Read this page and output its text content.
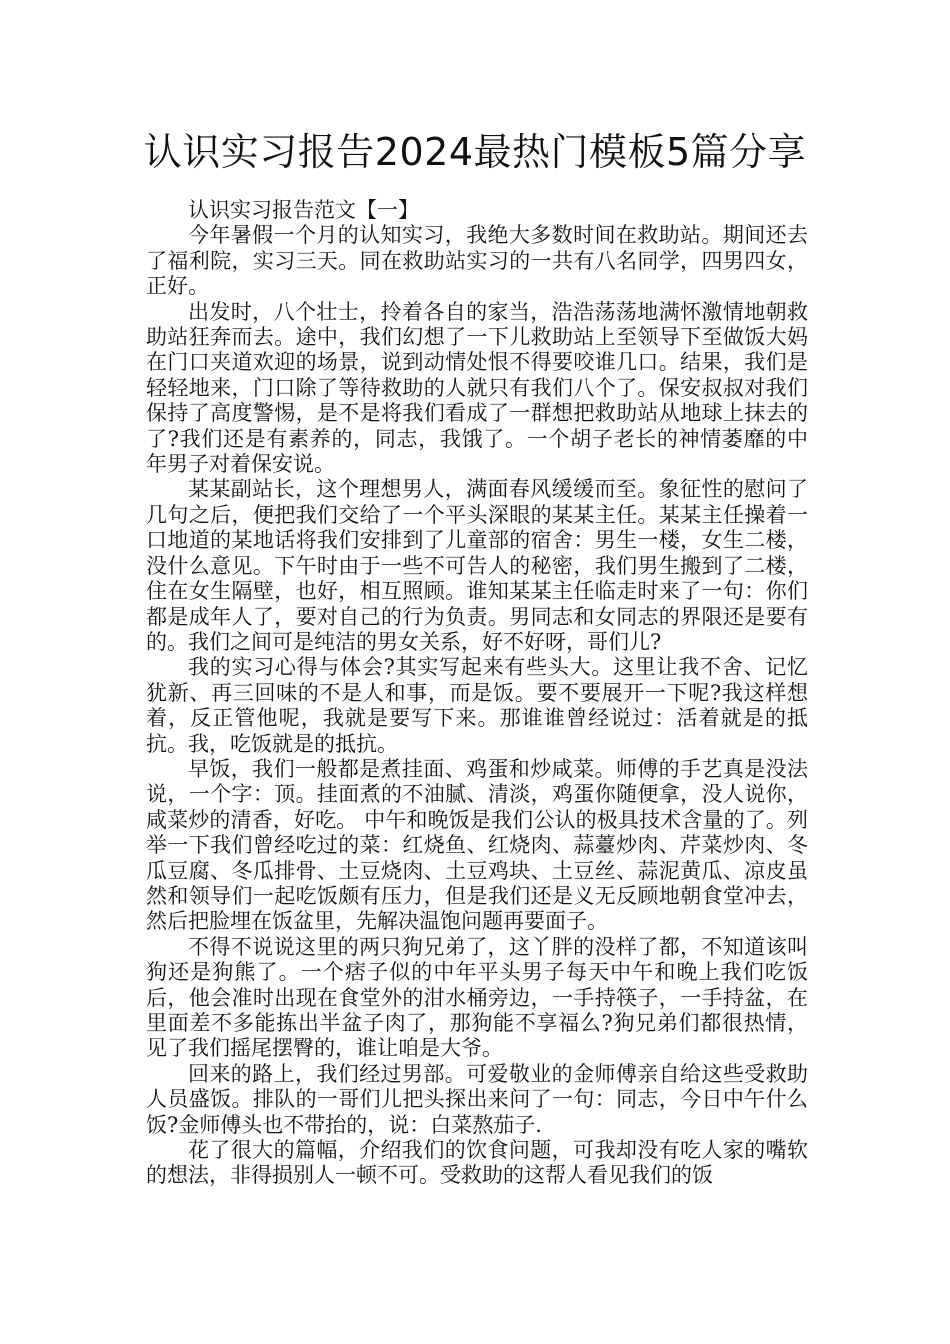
认识实习报告2024最热门模板5篇分享

认识实习报告范文【一】

今年暑假一个月的认知实习，我绝大多数时间在救助站。期间还去了福利院，实习三天。同在救助站实习的一共有八名同学，四男四女，正好。

出发时，八个壮士，拎着各自的家当，浩浩荡荡地满怀激情地朝救助站狂奔而去。途中，我们幻想了一下儿救助站上至领导下至做饭大妈在门口夹道欢迎的场景，说到动情处恨不得要咬谁几口。结果，我们是轻轻地来，门口除了等待救助的人就只有我们八个了。保安叔叔对我们保持了高度警惕，是不是将我们看成了一群想把救助站从地球上抹去的了?我们还是有素养的，同志，我饿了。一个胡子老长的神情萎靡的中年男子对着保安说。

某某副站长，这个理想男人，满面春风缓缓而至。象征性的慰问了几句之后，便把我们交给了一个平头深眼的某某主任。某某主任操着一口地道的某地话将我们安排到了儿童部的宿舍：男生一楼，女生二楼，没什么意见。下午时由于一些不可告人的秘密，我们男生搬到了二楼，住在女生隔壁，也好，相互照顾。谁知某某主任临走时来了一句：你们都是成年人了，要对自己的行为负责。男同志和女同志的界限还是要有的。我们之间可是纯洁的男女关系，好不好呀，哥们儿?

我的实习心得与体会?其实写起来有些头大。这里让我不舍、记忆犹新、再三回味的不是人和事，而是饭。要不要展开一下呢?我这样想着，反正管他呢，我就是要写下来。那谁谁曾经说过：活着就是的抵抗。我，吃饭就是的抵抗。

早饭，我们一般都是煮挂面、鸡蛋和炒咸菜。师傅的手艺真是没法说，一个字：顶。挂面煮的不油腻、清淡，鸡蛋你随便拿，没人说你，咸菜炒的清香，好吃。 中午和晚饭是我们公认的极具技术含量的了。列举一下我们曾经吃过的菜：红烧鱼、红烧肉、蒜薹炒肉、芹菜炒肉、冬瓜豆腐、冬瓜排骨、土豆烧肉、土豆鸡块、土豆丝、蒜泥黄瓜、凉皮虽然和领导们一起吃饭颇有压力，但是我们还是义无反顾地朝食堂冲去，然后把脸埋在饭盆里，先解决温饱问题再要面子。

不得不说说这里的两只狗兄弟了，这丫胖的没样了都，不知道该叫狗还是狗熊了。一个痞子似的中年平头男子每天中午和晚上我们吃饭后，他会准时出现在食堂外的泔水桶旁边，一手持筷子，一手持盆，在里面差不多能拣出半盆子肉了，那狗能不享福么?狗兄弟们都很热情，见了我们摇尾摆臀的，谁让咱是大爷。

回来的路上，我们经过男部。可爱敬业的金师傅亲自给这些受救助人员盛饭。排队的一哥们儿把头探出来问了一句：同志，今日中午什么饭?金师傅头也不带抬的，说：白菜熬茄子.

花了很大的篇幅，介绍我们的饮食问题，可我却没有吃人家的嘴软的想法，非得损别人一顿不可。受救助的这帮人看见我们的饭
